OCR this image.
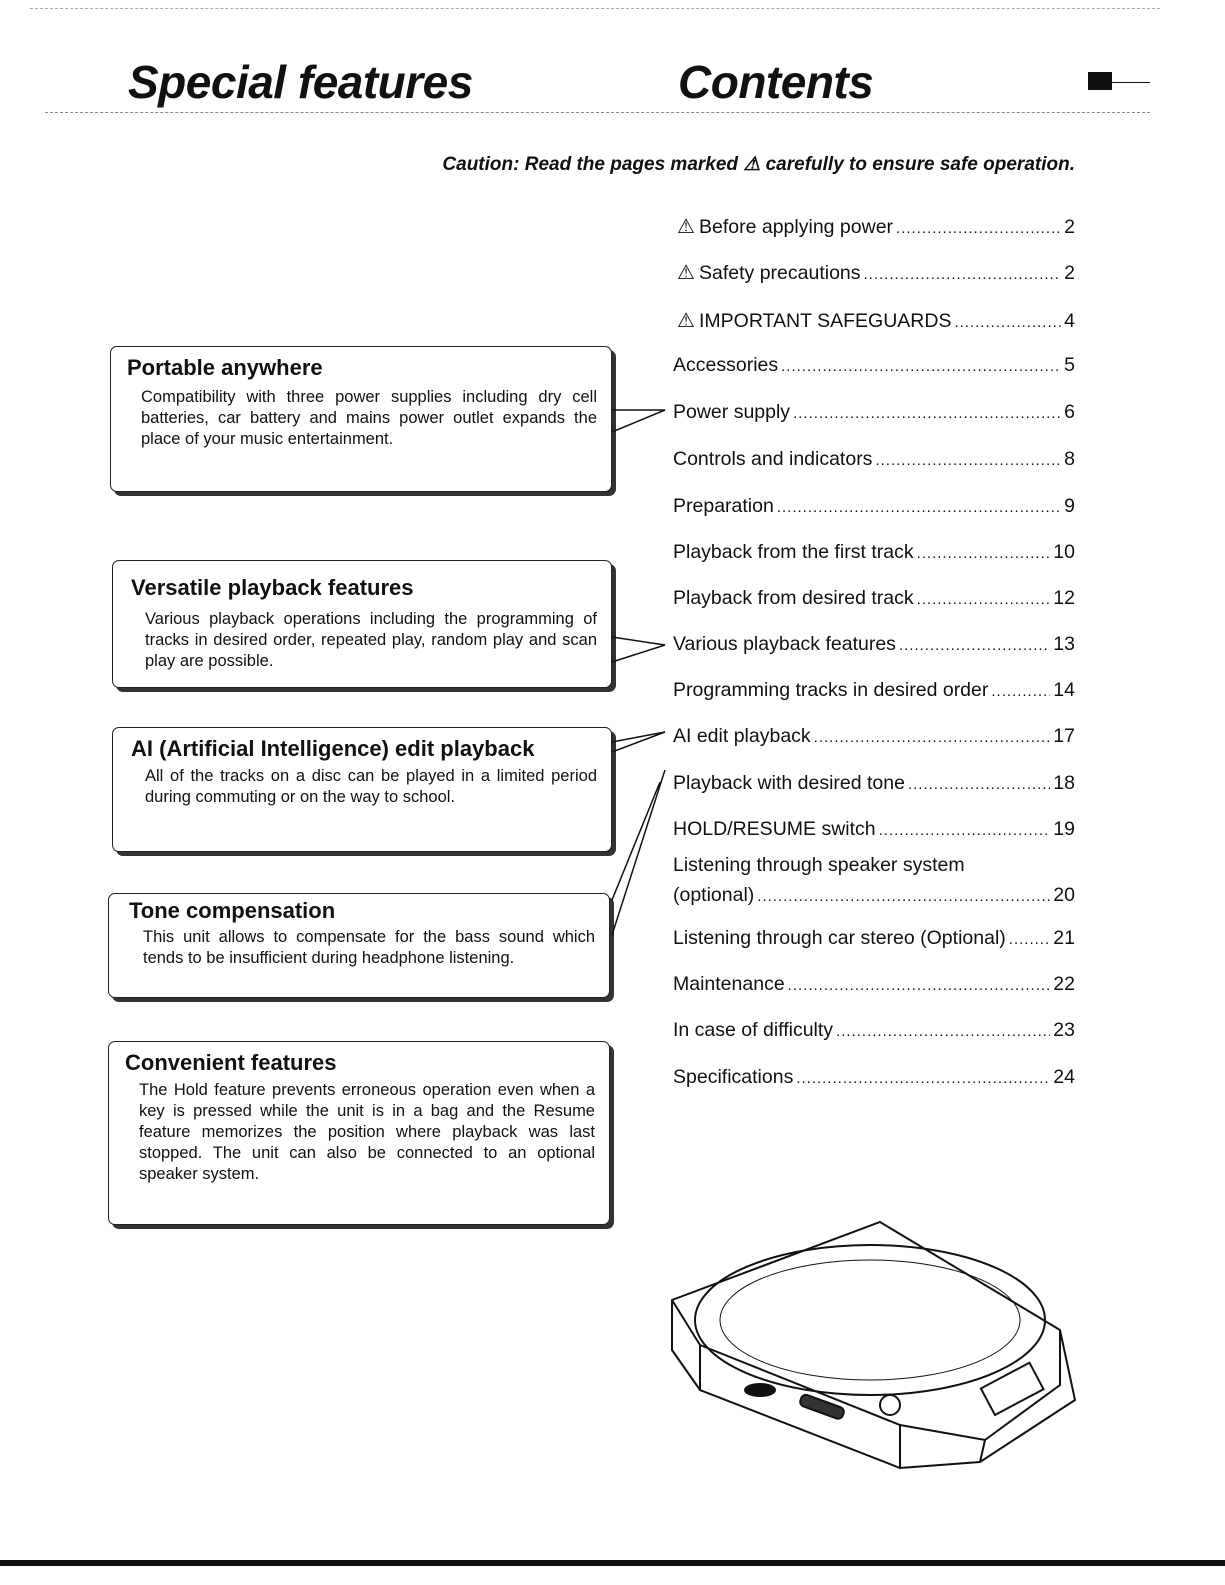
Special features	Contents
Caution: Read the pages marked ⚠ carefully to ensure safe operation.
⚠ Before applying power .....	2
⚠ Safety precautions .....	2
⚠ IMPORTANT SAFEGUARDS .....	4
Accessories .....	5
Power supply .....	6
Controls and indicators .....	8
Preparation .....	9
Playback from the first track .....	10
Playback from desired track .....	12
Various playback features .....	13
Programming tracks in desired order .....	14
AI edit playback .....	17
Playback with desired tone .....	18
HOLD/RESUME switch .....	19
Listening through speaker system
(optional) .....	20
Listening through car stereo (Optional) ..... 21
Maintenance .....	22
In case of difficulty .....	23
Specifications .....	24
Portable anywhere

Compatibility with three power supplies including dry cell batteries, car battery and mains power outlet expands the place of your music entertainment.

Versatile playback features

Various playback operations including the programming of tracks in desired order, repeated play, random play and scan play are possible.

AI (Artificial Intelligence) edit playback

All of the tracks on a disc can be played in a limited period during commuting or on the way to school.

Tone compensation

This unit allows to compensate for the bass sound which tends to be insufficient during headphone listening.

Convenient features

The Hold feature prevents erroneous operation even when a key is pressed while the unit is in a bag and the Resume feature memorizes the position where playback was last stopped. The unit can also be connected to an optional speaker system.
